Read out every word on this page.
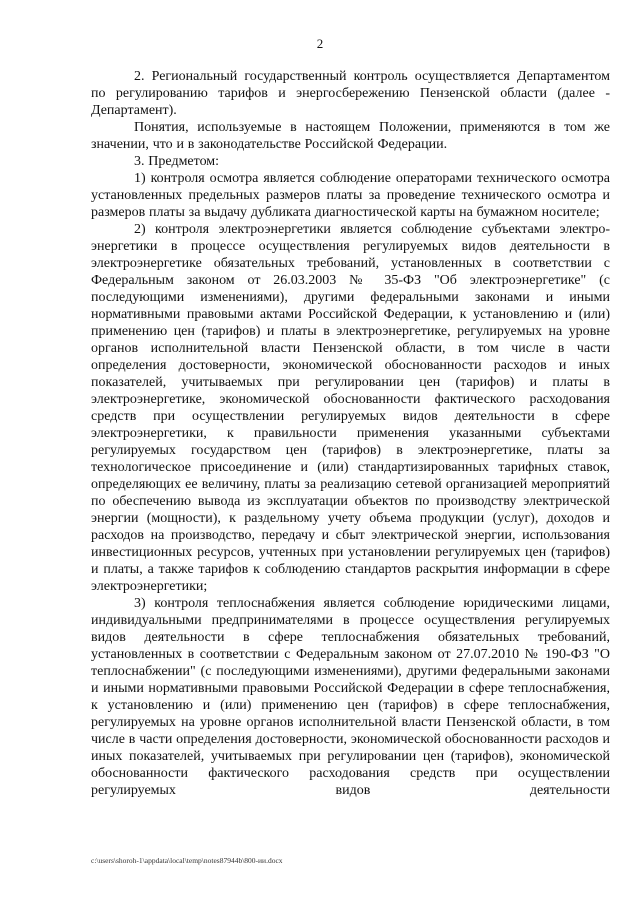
2

2. Региональный государственный контроль осуществляется Департаментом по регулированию тарифов и энергосбережению Пензенской области (далее - Департамент).

Понятия, используемые в настоящем Положении, применяются в том же значении, что и в законодательстве Российской Федерации.

3. Предметом:

1) контроля осмотра является соблюдение операторами технического осмотра установленных предельных размеров платы за проведение технического осмотра и размеров платы за выдачу дубликата диагностической карты на бумажном носителе;

2) контроля электроэнергетики является соблюдение субъектами электро-энергетики в процессе осуществления регулируемых видов деятельности в электроэнергетике обязательных требований, установленных в соответствии с Федеральным законом от 26.03.2003 № 35-ФЗ "Об электроэнергетике" (с последующими изменениями), другими федеральными законами и иными нормативными правовыми актами Российской Федерации, к установлению и (или) применению цен (тарифов) и платы в электроэнергетике, регулируемых на уровне органов исполнительной власти Пензенской области, в том числе в части определения достоверности, экономической обоснованности расходов и иных показателей, учитываемых при регулировании цен (тарифов) и платы в электроэнергетике, экономической обоснованности фактического расходования средств при осуществлении регулируемых видов деятельности в сфере электроэнергетики, к правильности применения указанными субъектами регулируемых государством цен (тарифов) в электроэнергетике, платы за технологическое присоединение и (или) стандартизированных тарифных ставок, определяющих ее величину, платы за реализацию сетевой организацией мероприятий по обеспечению вывода из эксплуатации объектов по производству электрической энергии (мощности), к раздельному учету объема продукции (услуг), доходов и расходов на производство, передачу и сбыт электрической энергии, использования инвестиционных ресурсов, учтенных при установлении регулируемых цен (тарифов) и платы, а также тарифов к соблюдению стандартов раскрытия информации в сфере электроэнергетики;

3) контроля теплоснабжения является соблюдение юридическими лицами, индивидуальными предпринимателями в процессе осуществления регулируемых видов деятельности в сфере теплоснабжения обязательных требований, установленных в соответствии с Федеральным законом от 27.07.2010 № 190-ФЗ "О теплоснабжении" (с последующими изменениями), другими федеральными законами и иными нормативными правовыми Российской Федерации в сфере теплоснабжения, к установлению и (или) применению цен (тарифов) в сфере теплоснабжения, регулируемых на уровне органов исполнительной власти Пензенской области, в том числе в части определения достоверности, экономической обоснованности расходов и иных показателей, учитываемых при регулировании цен (тарифов), экономической обоснованности фактического расходования средств при осуществлении регулируемых видов деятельности

c:\users\shoroh-1\appdata\local\temp\notes87944b\800-ии.docx
